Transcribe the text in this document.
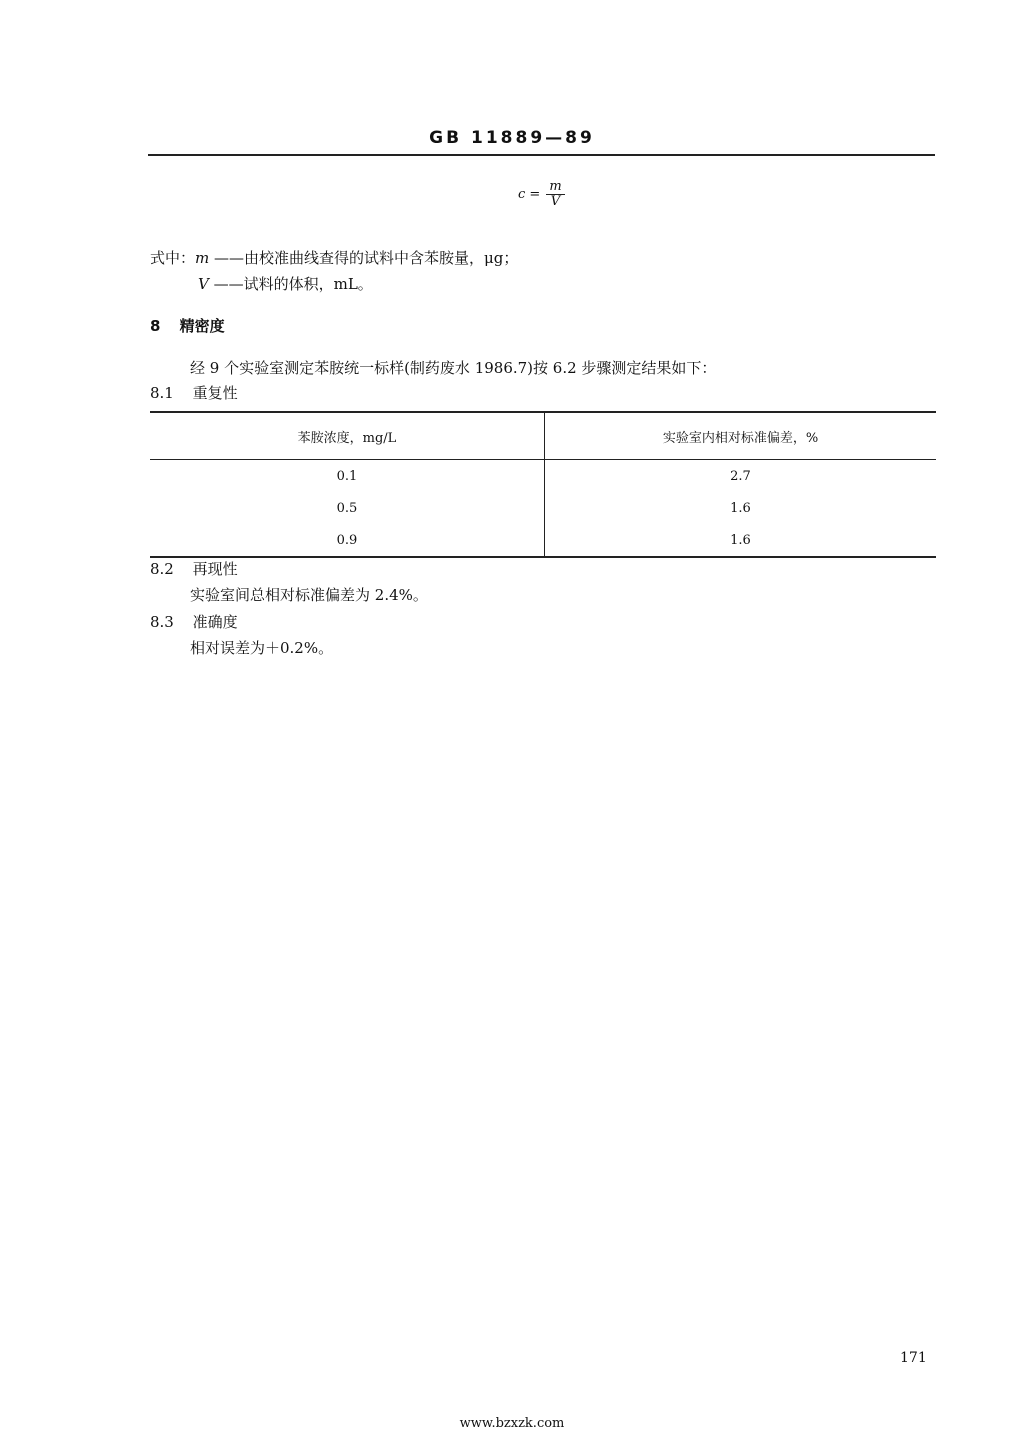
GB 11889—89
$c = \frac{m}{V}$
式中：m ——由校准曲线查得的试料中含苯胺量，μg；
V ——试料的体积，mL。
8 精密度
经 9 个实验室测定苯胺统一标样(制药废水 1986.7)按 6.2 步骤测定结果如下：
8.1 重复性
苯胺浓度，mg/L	实验室内相对标准偏差，%
0.1	2.7
0.5	1.6
0.9	1.6
8.2 再现性
实验室间总相对标准偏差为 2.4%。
8.3 准确度
相对误差为＋0.2%。
171
www.bzxzk.com
